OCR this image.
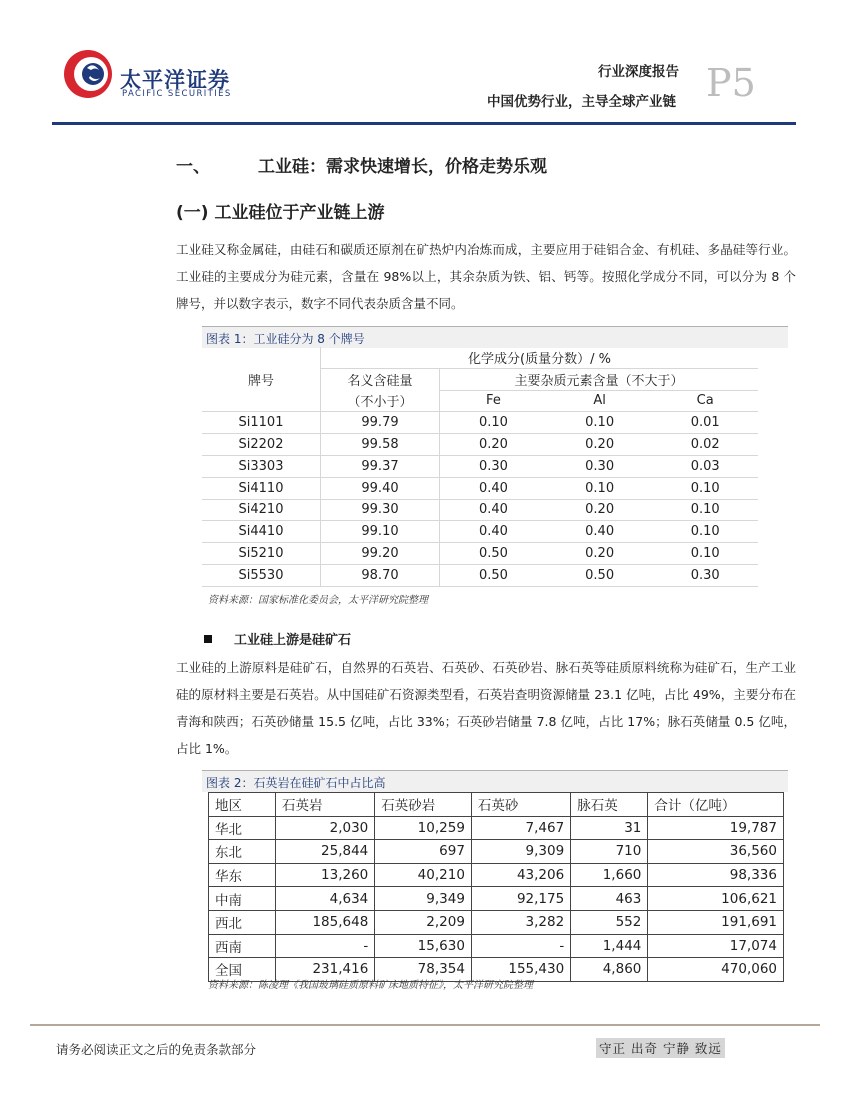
太平洋证券
PACIFIC SECURITIES
行业深度报告
中国优势行业，主导全球产业链 P5
一、	工业硅：需求快速增长，价格走势乐观
(一) 工业硅位于产业链上游
工业硅又称金属硅，由硅石和碳质还原剂在矿热炉内冶炼而成，主要应用于硅铝合金、有机硅、多晶硅等行业。工业硅的主要成分为硅元素，含量在 98%以上，其余杂质为铁、铝、钙等。按照化学成分不同，可以分为 8 个牌号，并以数字表示，数字不同代表杂质含量不同。
图表 1：工业硅分为 8 个牌号
牌号	化学成分(质量分数）/ %			
	名义含硅量	主要杂质元素含量（不大于）		
	（不小于）	Fe	Al	Ca
Si1101	99.79	0.10	0.10	0.01
Si2202	99.58	0.20	0.20	0.02
Si3303	99.37	0.30	0.30	0.03
Si4110	99.40	0.40	0.10	0.10
Si4210	99.30	0.40	0.20	0.10
Si4410	99.10	0.40	0.40	0.10
Si5210	99.20	0.50	0.20	0.10
Si5530	98.70	0.50	0.50	0.30
资料来源：国家标准化委员会，太平洋研究院整理
工业硅上游是硅矿石
工业硅的上游原料是硅矿石，自然界的石英岩、石英砂、石英砂岩、脉石英等硅质原料统称为硅矿石，生产工业硅的原材料主要是石英岩。从中国硅矿石资源类型看，石英岩查明资源储量 23.1 亿吨，占比 49%，主要分布在青海和陕西；石英砂储量 15.5 亿吨，占比 33%；石英砂岩储量 7.8 亿吨，占比 17%；脉石英储量 0.5 亿吨，占比 1%。
图表 2：石英岩在硅矿石中占比高
地区	石英岩	石英砂岩	石英砂	脉石英	合计（亿吨）
华北	2,030	10,259	7,467	31	19,787
东北	25,844	697	9,309	710	36,560
华东	13,260	40,210	43,206	1,660	98,336
中南	4,634	9,349	92,175	463	106,621
西北	185,648	2,209	3,282	552	191,691
西南	-	15,630	-	1,444	17,074
全国	231,416	78,354	155,430	4,860	470,060
资料来源：陈凌理《我国玻璃硅质原料矿床地质特征》，太平洋研究院整理
请务必阅读正文之后的免责条款部分	守正 出奇 宁静 致远
